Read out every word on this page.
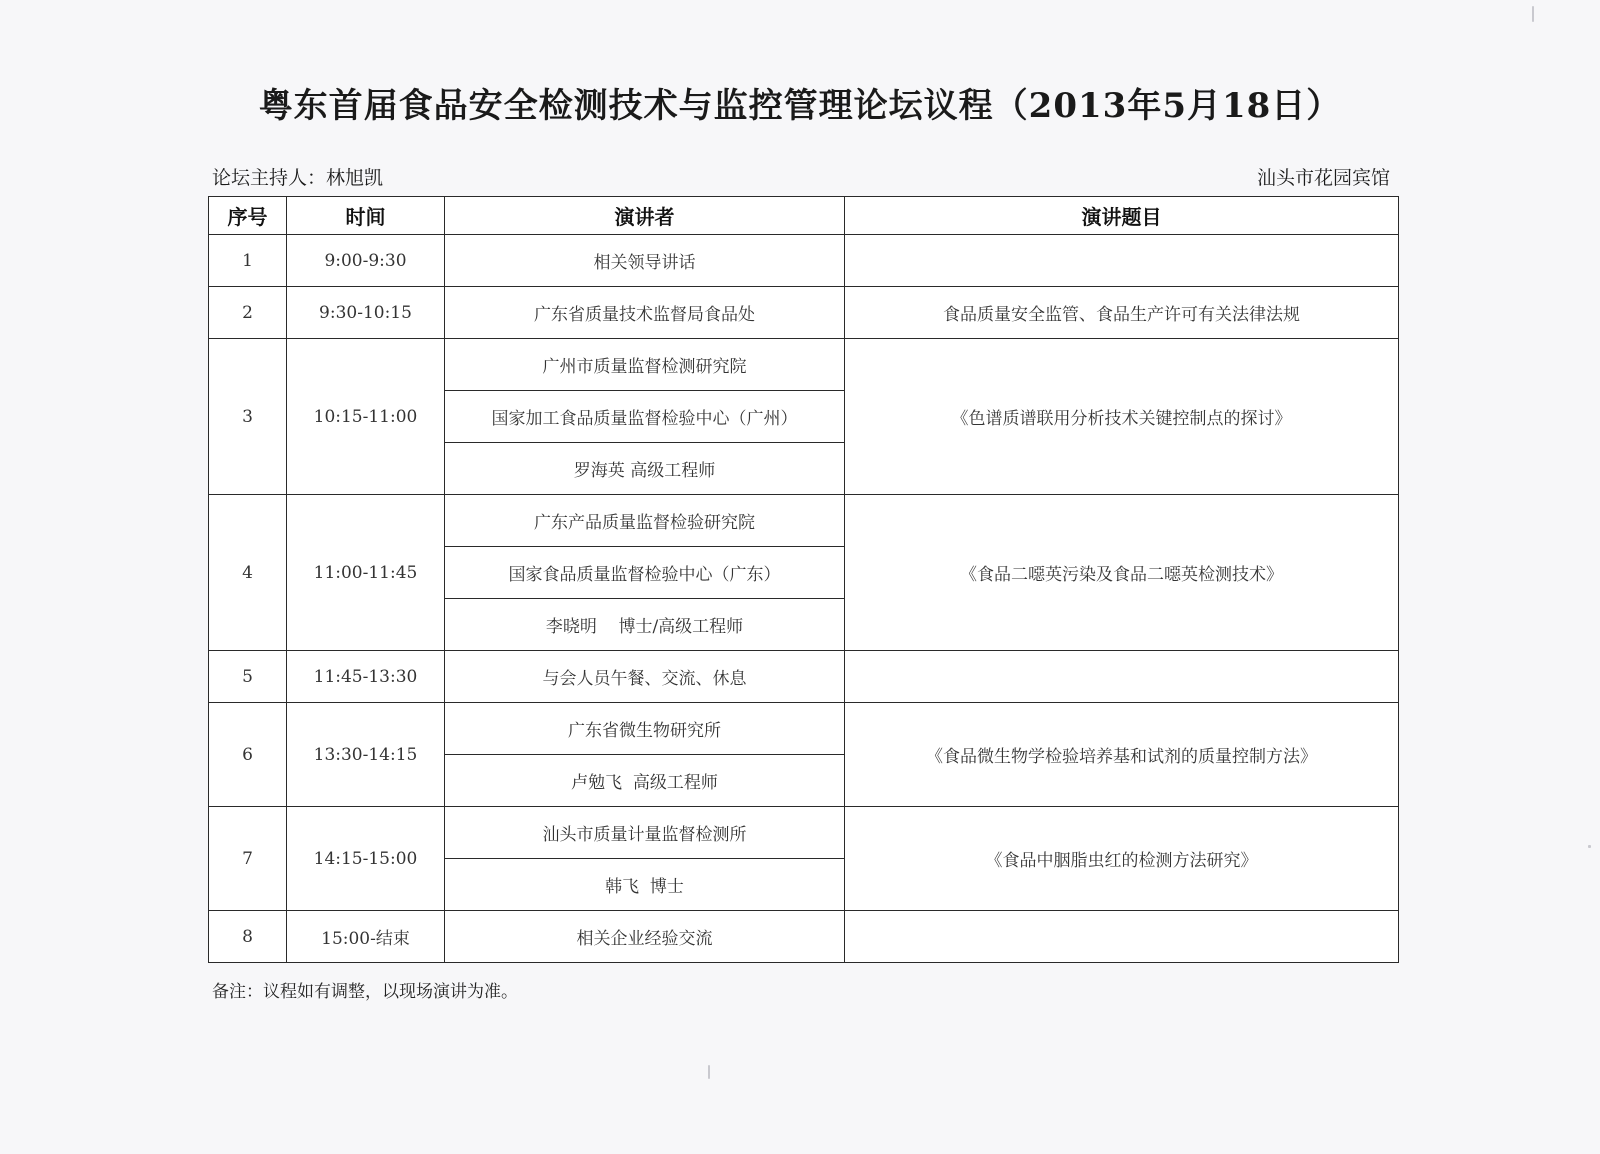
粤东首届食品安全检测技术与监控管理论坛议程（2013年5月18日）
论坛主持人：林旭凯	汕头市花园宾馆
序号	时间	演讲者	演讲题目
1	9:00-9:30	相关领导讲话	
2	9:30-10:15	广东省质量技术监督局食品处	食品质量安全监管、食品生产许可有关法律法规
3	10:15-11:00	广州市质量监督检测研究院	《色谱质谱联用分析技术关键控制点的探讨》
		国家加工食品质量监督检验中心（广州）	
		罗海英 高级工程师	
4	11:00-11:45	广东产品质量监督检验研究院	《食品二噁英污染及食品二噁英检测技术》
		国家食品质量监督检验中心（广东）	
		李晓明    博士/高级工程师	
5	11:45-13:30	与会人员午餐、交流、休息	
6	13:30-14:15	广东省微生物研究所	《食品微生物学检验培养基和试剂的质量控制方法》
		卢勉飞  高级工程师	
7	14:15-15:00	汕头市质量计量监督检测所	《食品中胭脂虫红的检测方法研究》
		韩飞  博士	
8	15:00-结束	相关企业经验交流	
备注：议程如有调整，以现场演讲为准。
